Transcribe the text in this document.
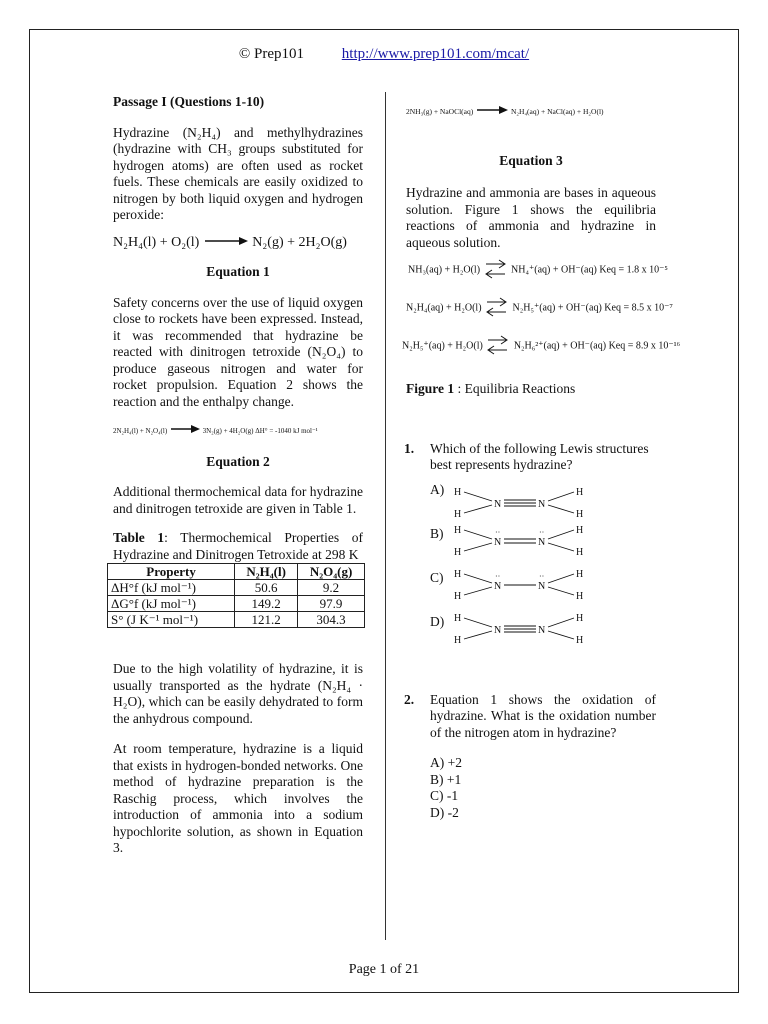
© Prep101	http://www.prep101.com/mcat/

Passage I (Questions 1-10)

Hydrazine (N₂H₄) and methylhydrazines (hydrazine with CH₃ groups substituted for hydrogen atoms) are often used as rocket fuels. These chemicals are easily oxidized to nitrogen by both liquid oxygen and hydrogen peroxide:

N₂H₄(l) + O₂(l) → N₂(g) + 2H₂O(g)

Equation 1

Safety concerns over the use of liquid oxygen close to rockets have been expressed. Instead, it was recommended that hydrazine be reacted with dinitrogen tetroxide (N₂O₄) to produce gaseous nitrogen and water for rocket propulsion. Equation 2 shows the reaction and the enthalpy change.

2N₂H₄(l) + N₂O₄(l)	3N₂(g) + 4H₂O(g) ΔH° = -1040 kJ mol⁻¹

Equation 2

Additional thermochemical data for hydrazine and dinitrogen tetroxide are given in Table 1.

Table 1: Thermochemical Properties of Hydrazine and Dinitrogen Tetroxide at 298 K

Property	N₂H₄(l)	N₂O₄(g)
ΔH°f (kJ mol⁻¹)	50.6	9.2
ΔG°f (kJ mol⁻¹)	149.2	97.9
S° (J K⁻¹ mol⁻¹)	121.2	304.3

Due to the high volatility of hydrazine, it is usually transported as the hydrate (N₂H₄ · H₂O), which can be easily dehydrated to form the anhydrous compound.

At room temperature, hydrazine is a liquid that exists in hydrogen-bonded networks. One method of hydrazine preparation is the Raschig process, which involves the introduction of ammonia into a sodium hypochlorite solution, as shown in Equation 3.

2NH₃(g) + NaOCl(aq)	N₂H₄(aq) + NaCl(aq) + H₂O(l)

Equation 3

Hydrazine and ammonia are bases in aqueous solution. Figure 1 shows the equilibria reactions of ammonia and hydrazine in aqueous solution.

NH₃(aq) + H₂O(l) ⇌ NH₄⁺(aq) + OH⁻(aq) Keq = 1.8 x 10⁻⁵

N₂H₄(aq) + H₂O(l) ⇌ N₂H₅⁺(aq) + OH⁻(aq) Keq = 8.5 x 10⁻⁷

N₂H₅⁺(aq) + H₂O(l) ⇌ N₂H₆²⁺(aq) + OH⁻(aq) Keq = 8.9 x 10⁻¹⁶

Figure 1 : Equilibria Reactions

1. Which of the following Lewis structures best represents hydrazine?

A)
B)
C)
D)
H
H
N	N
H
H
H
H
N	N
H
H
··	··
H
H
N	N
H
H
··	··
H
H
N	N
H
H

2. Equation 1 shows the oxidation of hydrazine. What is the oxidation number of the nitrogen atom in hydrazine?

A) +2

B) +1

C) -1

D) -2

Page 1 of 21
